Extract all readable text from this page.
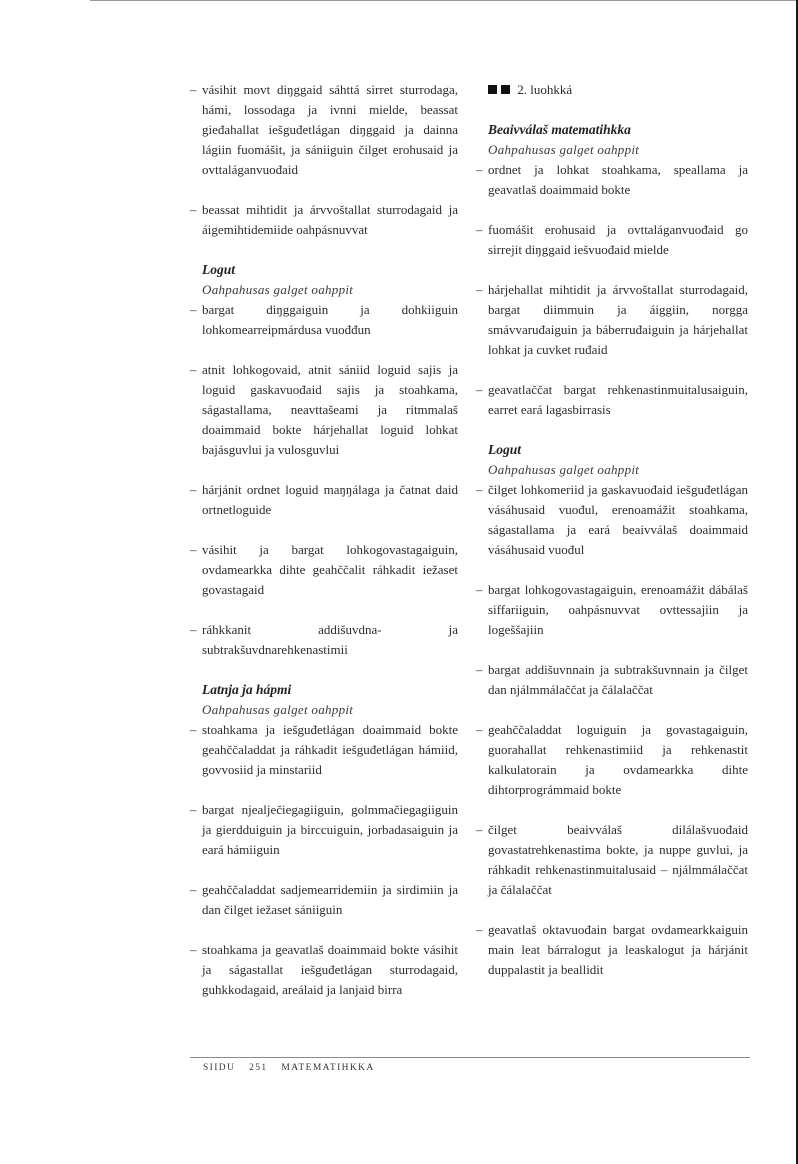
– vásihit movt diŋggaid sáhttá sirret sturrodaga, hámi, lossodaga ja ivnni mielde, beassat gieđahallat iešguđetlágan diŋggaid ja dainna lágiin fuomášit, ja sániiguin čilget erohusaid ja ovttaláganvuođaid
– beassat mihtidit ja árvvoštallat sturrodagaid ja áigemihtidemiide oahpásnuvvat
Logut
Oahpahusas galget oahppit
– bargat diŋggaiguin ja dohkiiguin lohkomearreipmárdusa vuođđun
– atnit lohkogovaid, atnit sániid loguid sajis ja loguid gaskavuođaid sajis ja stoahkama, ságastallama, neavttašeami ja ritmmalaš doaimmaid bokte hárjehallat loguid lohkat bajásguvlui ja vulosguvlui
– hárjánit ordnet loguid maŋŋálaga ja čatnat daid ortnetloguide
– vásihit ja bargat lohkogovastagaiguin, ovdamearkka dihte geahččalit ráhkadit iežaset govastagaid
– ráhkkanit addišuvdna- ja subtrakšuvdnarehkenastimii
Latnja ja hápmi
Oahpahusas galget oahppit
– stoahkama ja iešguđetlágan doaimmaid bokte geahččaladdat ja ráhkadit iešguđetlágan hámiid, govvosiid ja minstariid
– bargat njealječiegagiiguin, golmmačiegagiiguin ja gierdduiguin ja birccuiguin, jorbadasaiguin ja eará hámiiguin
– geahččaladdat sadjemearridemiin ja sirdimiin ja dan čilget iežaset sániiguin
– stoahkama ja geavatlaš doaimmaid bokte vásihit ja ságastallat iešguđetlágan sturrodagaid, guhkkodagaid, areálaid ja lanjaid birra
2. luohkká
Beaivválaš matematihkka
Oahpahusas galget oahppit
– ordnet ja lohkat stoahkama, speallama ja geavatlaš doaimmaid bokte
– fuomášit erohusaid ja ovttaláganvuođaid go sirrejit diŋggaid iešvuođaid mielde
– hárjehallat mihtidit ja árvvoštallat sturrodagaid, bargat diimmuin ja áiggiin, norgga smávvaruđaiguin ja báberruđaiguin ja hárjehallat lohkat ja cuvket ruđaid
– geavatlaččat bargat rehkenastinmuitalusaiguin, earret eará lagasbirrasis
Logut
Oahpahusas galget oahppit
– čilget lohkomeriid ja gaskavuođaid iešguđetlágan vásáhusaid vuođul, erenoamážit stoahkama, ságastallama ja eará beaivválaš doaimmaid vásáhusaid vuođul
– bargat lohkogovastagaiguin, erenoamážit dábálaš siffariiguin, oahpásnuvvat ovttessajiin ja logeššajiin
– bargat addišuvnnain ja subtrakšuvnnain ja čilget dan njálmmálaččat ja čálalaččat
– geahččaladdat loguiguin ja govastagaiguin, guorahallat rehkenastimiid ja rehkenastit kalkulatorain ja ovdamearkka dihte dihtorprográmmaid bokte
– čilget beaivválaš dilálašvuođaid govastatrehkenastima bokte, ja nuppe guvlui, ja ráhkadit rehkenastinmuitalusaid – njálmmálaččat ja čálalaččat
– geavatlaš oktavuođain bargat ovdamearkkaiguin main leat bárralogut ja leaskalogut ja hárjánit duppalastit ja beallidit
SIIDU 251 MATEMATIHKKA
